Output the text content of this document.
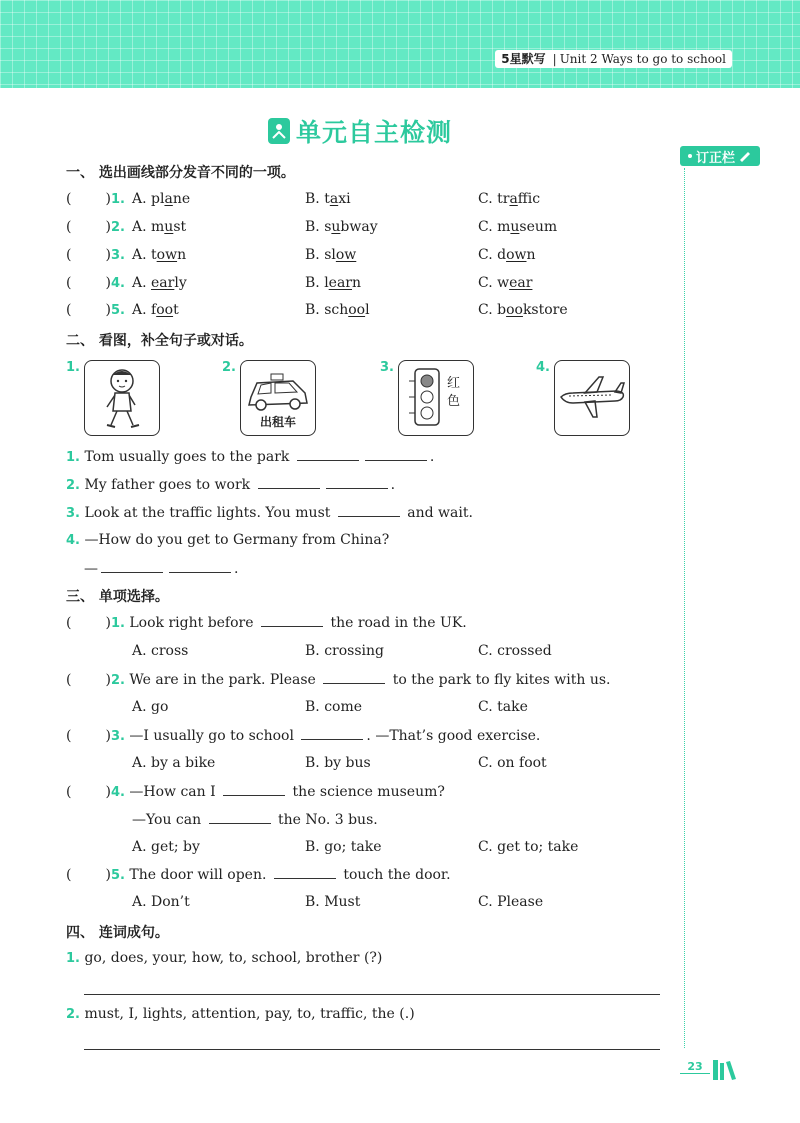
5星默写 | Unit 2 Ways to go to school
单元自主检测
订正栏
一、 选出画线部分发音不同的一项。
( )1. A. plane	B. taxi	C. traffic
( )2. A. must	B. subway	C. museum
( )3. A. town	B. slow	C. down
( )4. A. early	B. learn	C. wear
( )5. A. foot	B. school	C. bookstore
二、 看图，补全句子或对话。
1.	2.
出租车
3.
红
色
4.
1. Tom usually goes to the park	.
2. My father goes to work	.
3. Look at the traffic lights. You must	and wait.
4. —How do you get to Germany from China?
—	.
三、 单项选择。
( )1. Look right before	the road in the UK.
A. cross	B. crossing	C. crossed
( )2. We are in the park. Please	to the park to fly kites with us.
A. go	B. come	C. take
( )3. —I usually go to school	. —That’s good exercise.
A. by a bike	B. by bus	C. on foot
( )4. —How can I	the science museum?
—You can	the No. 3 bus.
A. get; by	B. go; take	C. get to; take
( )5. The door will open.	touch the door.
A. Don’t	B. Must	C. Please
四、 连词成句。
1. go, does, your, how, to, school, brother (?)
2. must, I, lights, attention, pay, to, traffic, the (.)
23
